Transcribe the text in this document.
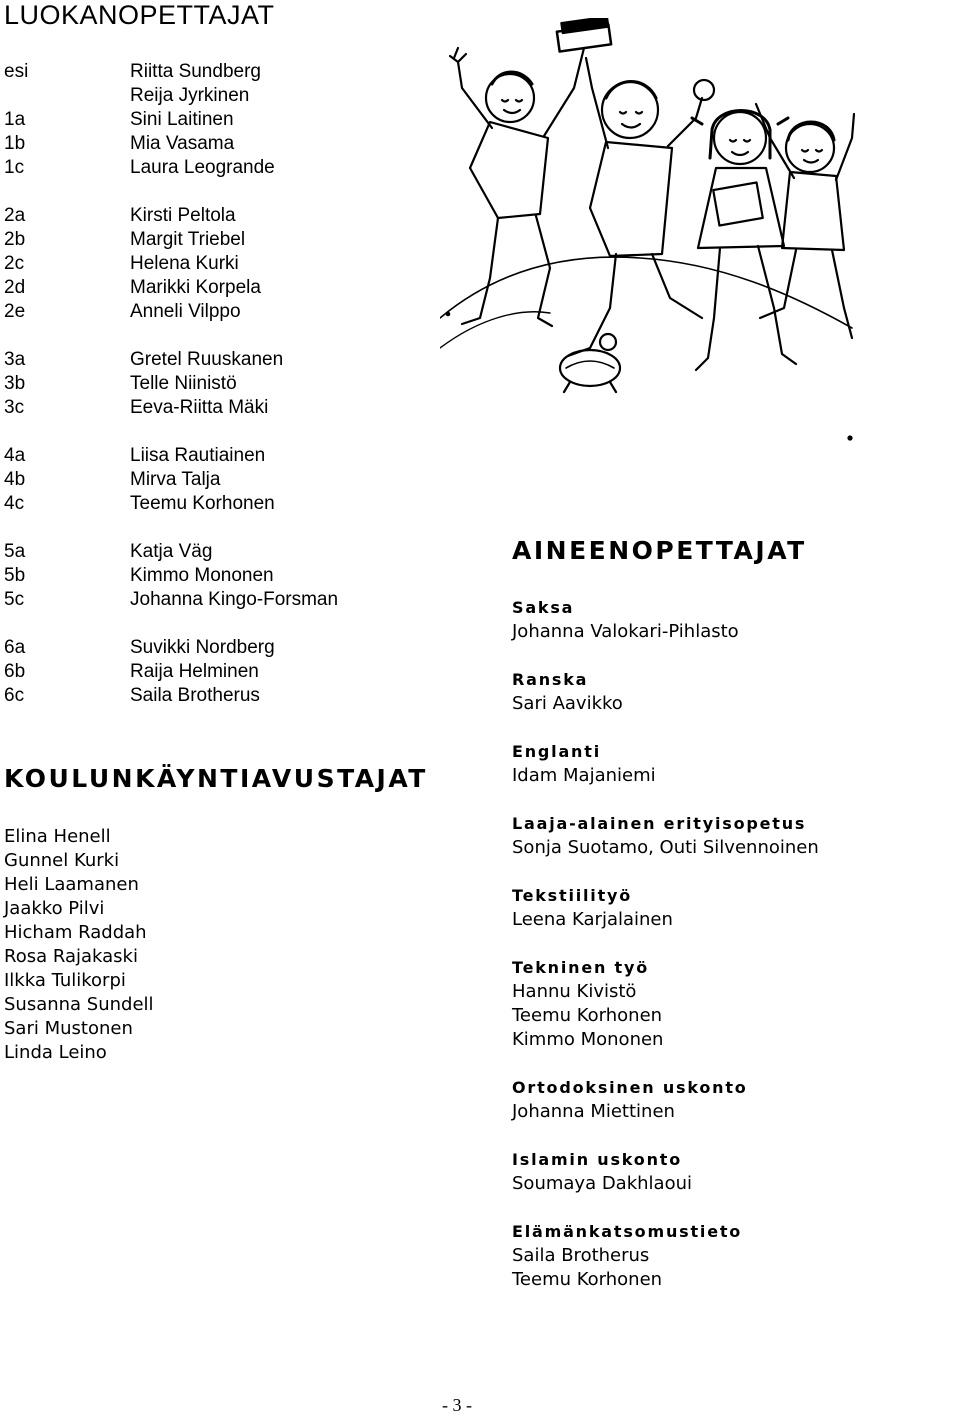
LUOKANOPETTAJAT
esi	Riitta Sundberg
Reija Jyrkinen
1a	Sini Laitinen
1b	Mia Vasama
1c	Laura Leogrande
2a	Kirsti Peltola
2b	Margit Triebel
2c	Helena Kurki
2d	Marikki Korpela
2e	Anneli Vilppo
3a	Gretel Ruuskanen
3b	Telle Niinistö
3c	Eeva-Riitta Mäki
4a	Liisa Rautiainen
4b	Mirva Talja
4c	Teemu Korhonen
5a	Katja Väg
5b	Kimmo Mononen
5c	Johanna Kingo-Forsman
6a	Suvikki Nordberg
6b	Raija Helminen
6c	Saila Brotherus
KOULUNKÄYNTIAVUSTAJAT
Elina Henell
Gunnel Kurki
Heli Laamanen
Jaakko Pilvi
Hicham Raddah
Rosa Rajakaski
Ilkka Tulikorpi
Susanna Sundell
Sari Mustonen
Linda Leino
AINEENOPETTAJAT
Saksa
Johanna Valokari-Pihlasto
Ranska
Sari Aavikko
Englanti
Idam Majaniemi
Laaja-alainen erityisopetus
Sonja Suotamo, Outi Silvennoinen
Tekstiilityö
Leena Karjalainen
Tekninen työ
Hannu Kivistö
Teemu Korhonen
Kimmo Mononen
Ortodoksinen uskonto
Johanna Miettinen
Islamin uskonto
Soumaya Dakhlaoui
Elämänkatsomustieto
Saila Brotherus
Teemu Korhonen
- 3 -
